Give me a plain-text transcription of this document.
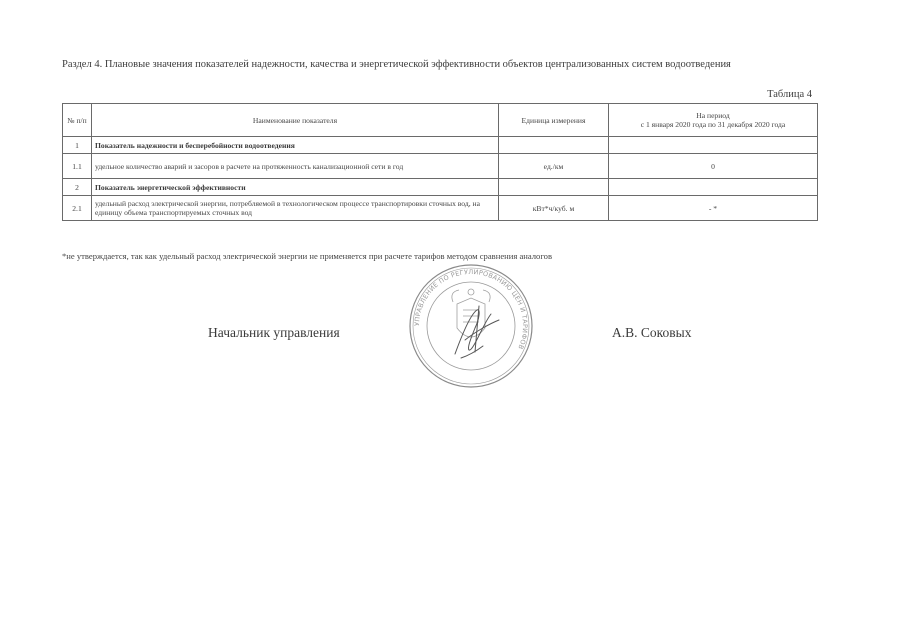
Раздел 4. Плановые значения показателей надежности, качества и энергетической эффективности объектов централизованных систем водоотведения
Таблица 4
№ п/п	Наименование показателя	Единица измерения	На период
с 1 января 2020 года по 31 декабря 2020 года
1	Показатель надежности и бесперебойности водоотведения		
1.1	удельное количество аварий и засоров в расчете на протяженность канализационной сети в год	ед./км	0
2	Показатель энергетической эффективности		
2.1	удельный расход электрической энергии, потребляемой в технологическом процессе транспортировки сточных вод, на единицу объема транспортируемых сточных вод	кВт*ч/куб. м	- *
*не утверждается, так как удельный расход электрической энергии не применяется при расчете тарифов методом сравнения аналогов
Начальник управления
УПРАВЛЕНИЕ ПО РЕГУЛИРОВАНИЮ ЦЕН И ТАРИФОВ
А.В. Соковых
